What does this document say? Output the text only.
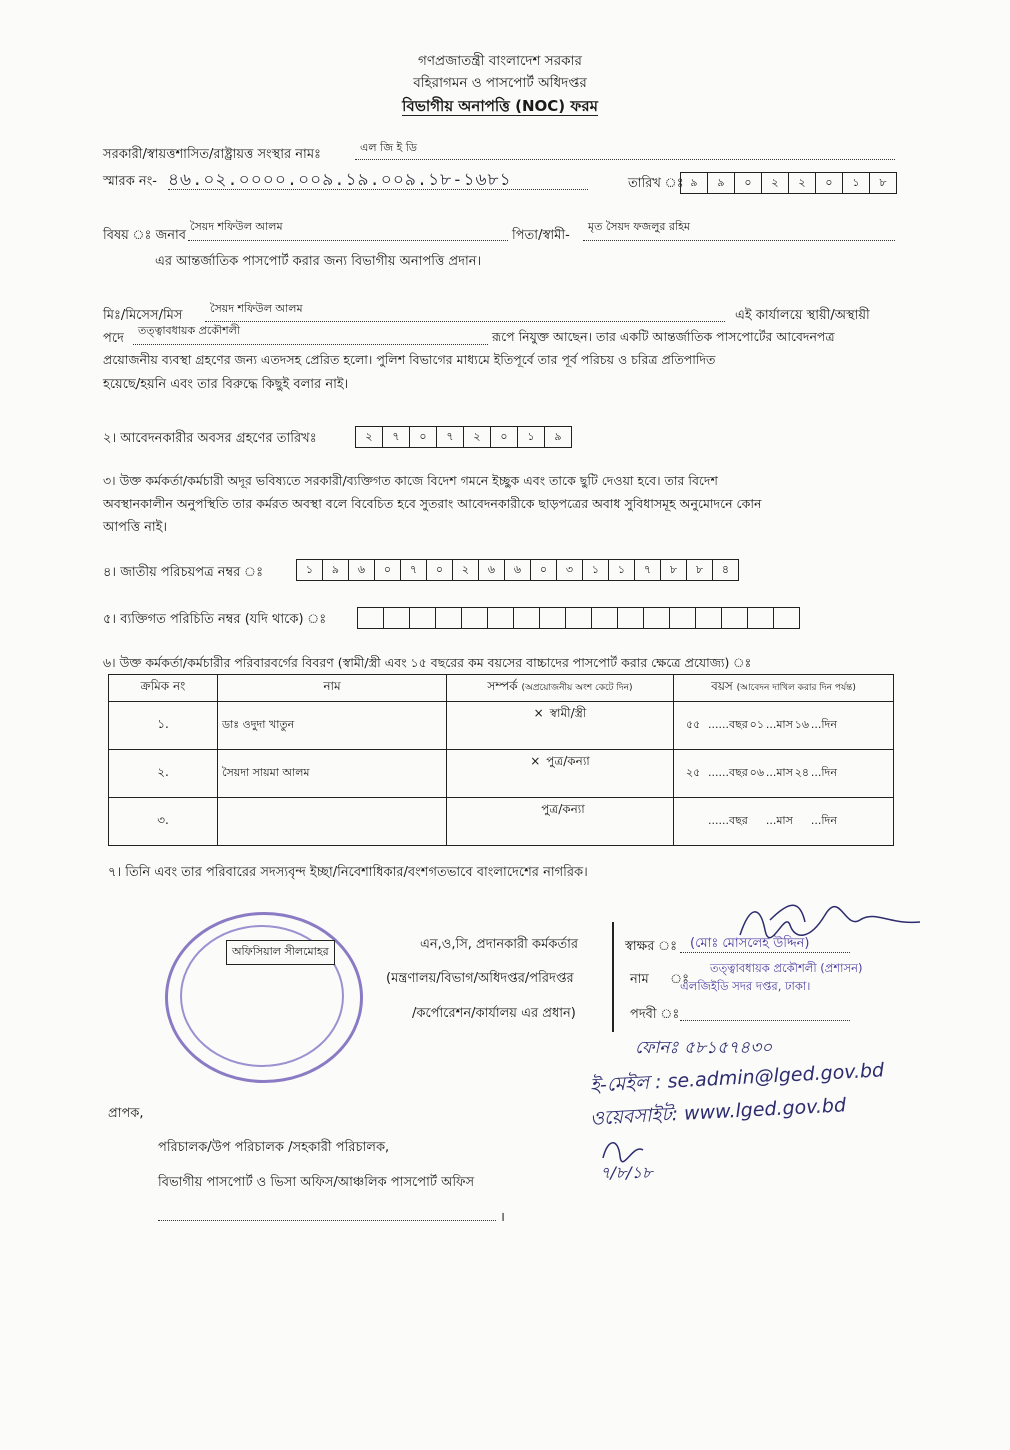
গণপ্রজাতন্ত্রী বাংলাদেশ সরকার
বহিরাগমন ও পাসপোর্ট অধিদপ্তর
বিভাগীয় অনাপত্তি (NOC) ফরম
সরকারী/স্বায়ত্তশাসিত/রাষ্ট্রায়ত্ত সংস্থার নামঃ	এল জি ই ডি
স্মারক নং- ৪৬.০২.০০০০.০০৯.১৯.০০৯.১৮-১৬৮১	তারিখ ঃ ৯	৯	০	২	২	০	১	৮
বিষয় ঃ জনাব
সৈয়দ শফিউল আলম
পিতা/স্বামী-
মৃত সৈয়দ ফজলুর রহিম
এর আন্তর্জাতিক পাসপোর্ট করার জন্য বিভাগীয় অনাপত্তি প্রদান।
মিঃ/মিসেস/মিস	সৈয়দ শফিউল আলম	এই কার্যালয়ে স্থায়ী/অস্থায়ী
পদে
তত্ত্বাবধায়ক প্রকৌশলী	রূপে নিযুক্ত আছেন। তার একটি আন্তর্জাতিক পাসপোর্টের আবেদনপত্র
প্রয়োজনীয় ব্যবস্থা গ্রহণের জন্য এতদসহ প্রেরিত হলো। পুলিশ বিভাগের মাধ্যমে ইতিপূর্বে তার পূর্ব পরিচয় ও চরিত্র প্রতিপাদিত
হয়েছে/হয়নি এবং তার বিরুদ্ধে কিছুই বলার নাই।
২। আবেদনকারীর অবসর গ্রহণের তারিখঃ	২	৭	০	৭	২	০	১	৯
৩। উক্ত কর্মকর্তা/কর্মচারী অদূর ভবিষ্যতে সরকারী/ব্যক্তিগত কাজে বিদেশ গমনে ইচ্ছুক এবং তাকে ছুটি দেওয়া হবে। তার বিদেশ
অবস্থানকালীন অনুপস্থিতি তার কর্মরত অবস্থা বলে বিবেচিত হবে সুতরাং আবেদনকারীকে ছাড়পত্রের অবাধ সুবিধাসমূহ অনুমোদনে কোন
আপত্তি নাই।
৪। জাতীয় পরিচয়পত্র নম্বর ঃ	১	৯	৬	০	৭	০	২	৬	৬	০	৩	১	১	৭	৮	৮	৪
৫। ব্যক্তিগত পরিচিতি নম্বর (যদি থাকে) ঃ
৬। উক্ত কর্মকর্তা/কর্মচারীর পরিবারবর্গের বিবরণ (স্বামী/স্ত্রী এবং ১৫ বছরের কম বয়সের বাচ্চাদের পাসপোর্ট করার ক্ষেত্রে প্রযোজ্য) ঃ
ক্রমিক নং	নাম	সম্পর্ক (অপ্রয়োজনীয় অংশ কেটে দিন)	বয়স (আবেদন দাখিল করার দিন পর্যন্ত)
১.	ডাঃ ওদুদা খাতুন	× স্বামী/স্ত্রী	৫৫ ......বছর ০১ ...মাস ১৬ ...দিন
২.	সৈয়দা সায়মা আলম	× পুত্র/কন্যা	২৫ ......বছর ০৬ ...মাস ২৪ ...দিন
৩.		পুত্র/কন্যা	......বছর ...মাস ...দিন
৭। তিনি এবং তার পরিবারের সদস্যবৃন্দ ইচ্ছা/নিবেশাধিকার/বংশগতভাবে বাংলাদেশের নাগরিক।
অফিসিয়াল সীলমোহর	এন,ও,সি, প্রদানকারী কর্মকর্তার
(মন্ত্রণালয়/বিভাগ/অধিদপ্তর/পরিদপ্তর
/কর্পোরেশন/কার্যালয় এর প্রধান)
স্বাক্ষর ঃ (মোঃ মোসলেহ উদ্দিন)
নাম ঃ
তত্ত্বাবধায়ক প্রকৌশলী (প্রশাসন)
এলজিইডি সদর দপ্তর, ঢাকা।
পদবী ঃ
ফোনঃ ৫৮১৫৭৪৩০
ই-মেইল : se.admin@lged.gov.bd
ওয়েবসাইট: www.lged.gov.bd
৭/৮/১৮
প্রাপক,
পরিচালক/উপ পরিচালক /সহকারী পরিচালক,
বিভাগীয় পাসপোর্ট ও ভিসা অফিস/আঞ্চলিক পাসপোর্ট অফিস
।
